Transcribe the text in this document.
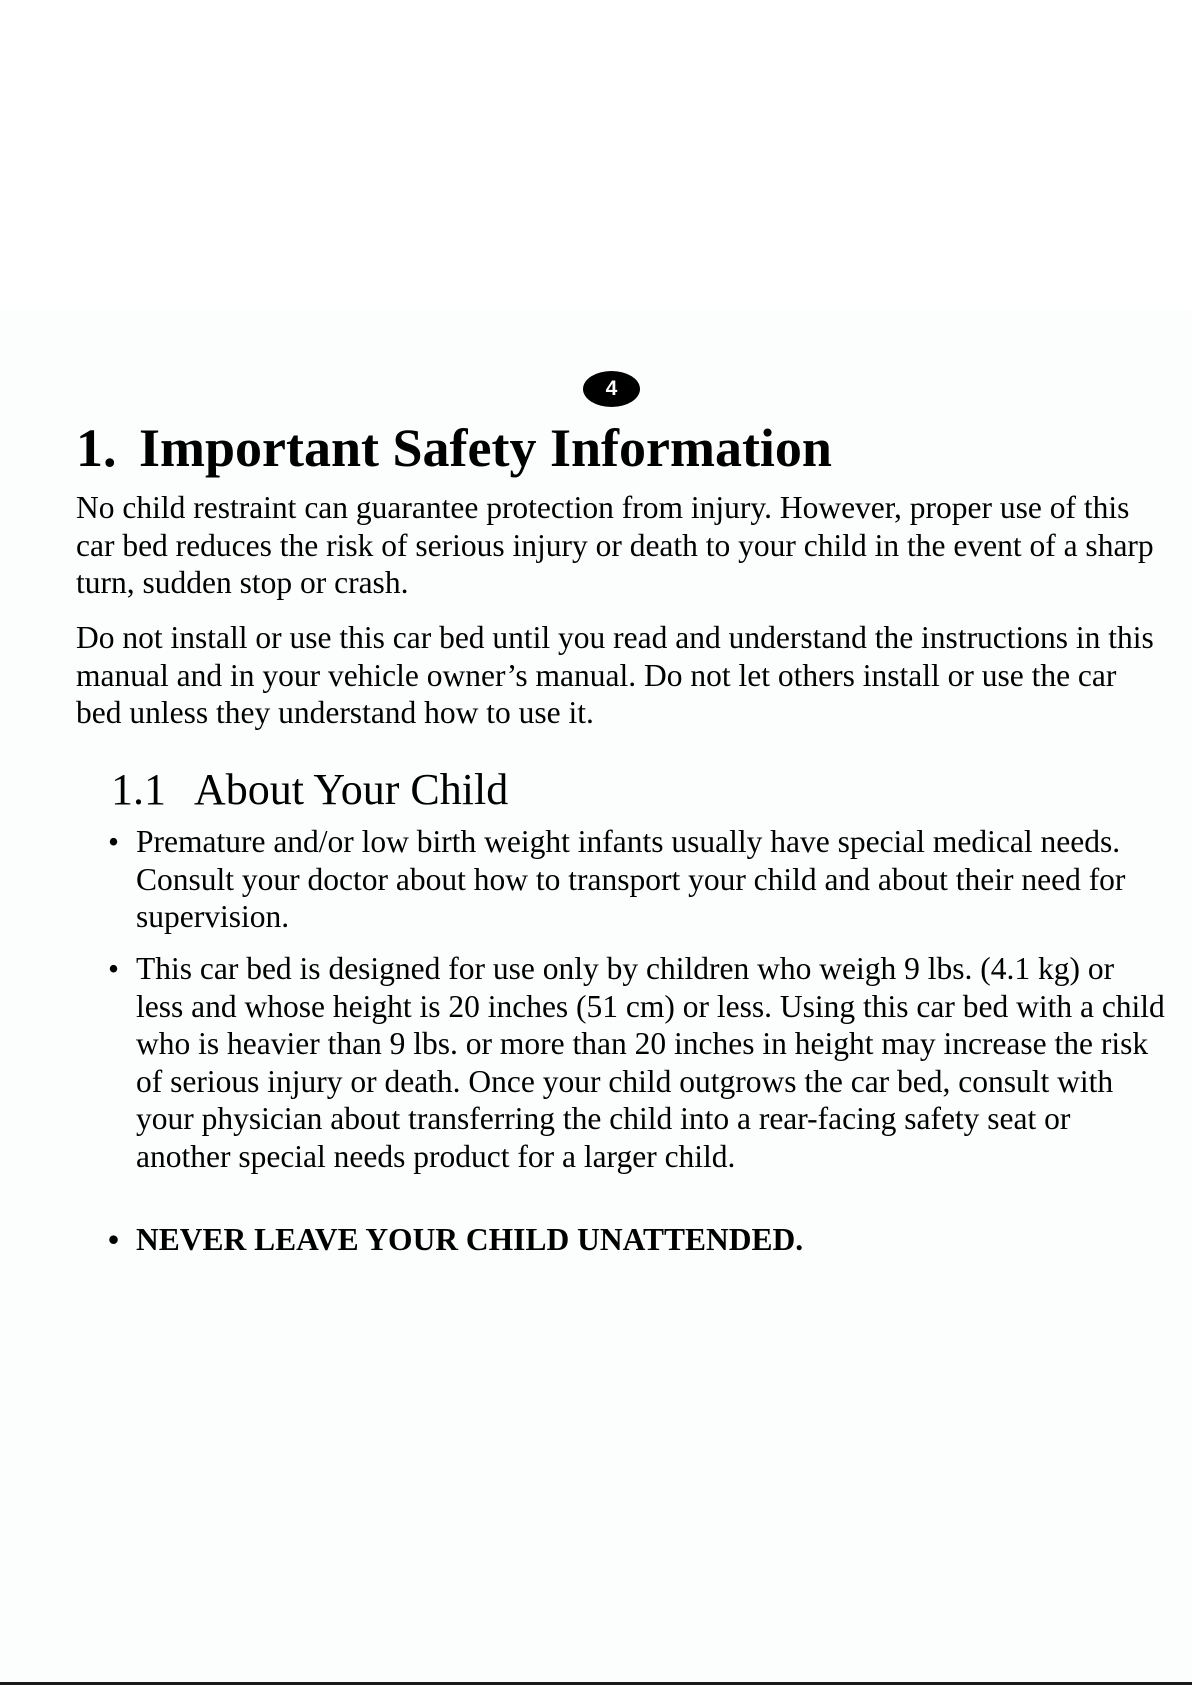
4
1. Important Safety Information

No child restraint can guarantee protection from injury. However, proper use of this car bed reduces the risk of serious injury or death to your child in the event of a sharp turn, sudden stop or crash.

Do not install or use this car bed until you read and understand the instructions in this manual and in your vehicle owner’s manual. Do not let others install or use the car bed unless they understand how to use it.

1.1 About Your Child
• Premature and/or low birth weight infants usually have special medical needs. Consult your doctor about how to transport your child and about their need for supervision.
• This car bed is designed for use only by children who weigh 9 lbs. (4.1 kg) or less and whose height is 20 inches (51 cm) or less. Using this car bed with a child who is heavier than 9 lbs. or more than 20 inches in height may increase the risk of serious injury or death. Once your child outgrows the car bed, consult with your physician about transferring the child into a rear-facing safety seat or another special needs product for a larger child.
• NEVER LEAVE YOUR CHILD UNATTENDED.
